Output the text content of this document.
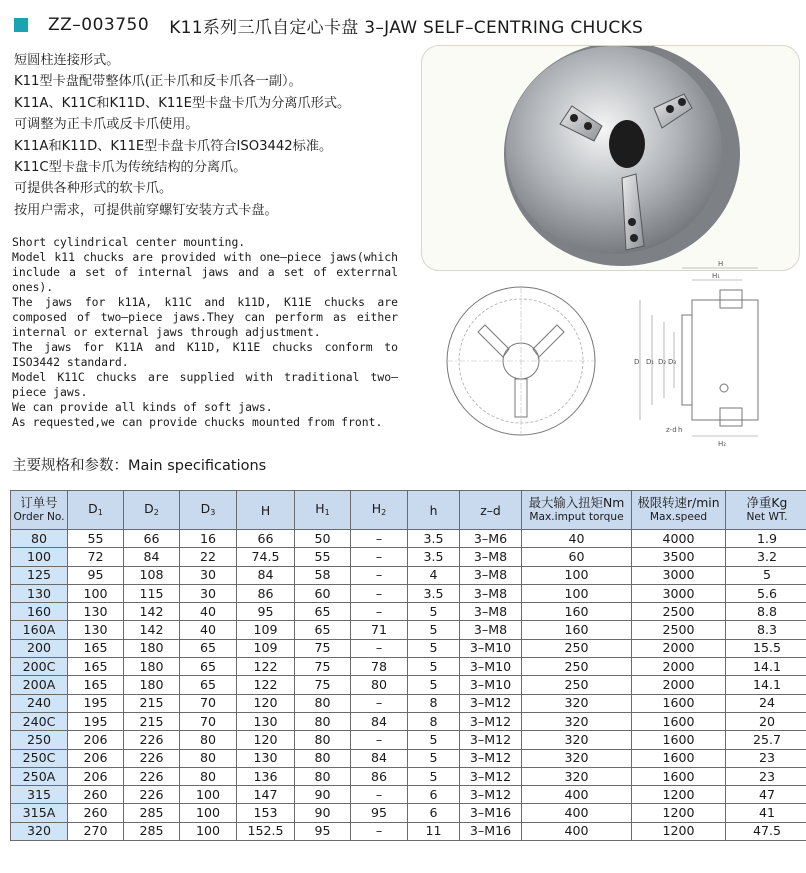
ZZ–003750 K11系列三爪自定心卡盘 3–JAW SELF–CENTRING CHUCKS
短圆柱连接形式。
K11型卡盘配带整体爪(正卡爪和反卡爪各一副）。
K11A、K11C和K11D、K11E型卡盘卡爪为分离爪形式。
可调整为正卡爪或反卡爪使用。
K11A和K11D、K11E型卡盘卡爪符合ISO3442标准。
K11C型卡盘卡爪为传统结构的分离爪。
可提供各种形式的软卡爪。
按用户需求，可提供前穿螺钉安装方式卡盘。

Short cylindrical center mounting.

Model k11 chucks are provided with one–piece jaws(which include a set of internal jaws and a set of exterrnal ones).

The jaws for k11A, k11C and k11D, K11E chucks are composed of two–piece jaws.They can perform as either internal or external jaws through adjustment.

The jaws for K11A and K11D, K11E chucks conform to ISO3442 standard.

Model K11C chucks are supplied with traditional two–piece jaws.

We can provide all kinds of soft jaws.

As requested,we can provide chucks mounted from front.

H
H₁
H₂
D D₁ D₂ D₃
z-d h
主要规格和参数：Main specifications
订单号
Order No.	$D_1$	$D_2$	$D_3$	H	$H_1$	$H_2$	h	z–d	最大输入扭矩Nm
Max.imput torque	极限转速r/min
Max.speed	净重Kg
Net WT.
80	55	66	16	66	50	–	3.5	3–M6	40	4000	1.9
100	72	84	22	74.5	55	–	3.5	3–M8	60	3500	3.2
125	95	108	30	84	58	–	4	3–M8	100	3000	5
130	100	115	30	86	60	–	3.5	3–M8	100	3000	5.6
160	130	142	40	95	65	–	5	3–M8	160	2500	8.8
160A	130	142	40	109	65	71	5	3–M8	160	2500	8.3
200	165	180	65	109	75	–	5	3–M10	250	2000	15.5
200C	165	180	65	122	75	78	5	3–M10	250	2000	14.1
200A	165	180	65	122	75	80	5	3–M10	250	2000	14.1
240	195	215	70	120	80	–	8	3–M12	320	1600	24
240C	195	215	70	130	80	84	8	3–M12	320	1600	20
250	206	226	80	120	80	–	5	3–M12	320	1600	25.7
250C	206	226	80	130	80	84	5	3–M12	320	1600	23
250A	206	226	80	136	80	86	5	3–M12	320	1600	23
315	260	226	100	147	90	–	6	3–M12	400	1200	47
315A	260	285	100	153	90	95	6	3–M16	400	1200	41
320	270	285	100	152.5	95	–	11	3–M16	400	1200	47.5
